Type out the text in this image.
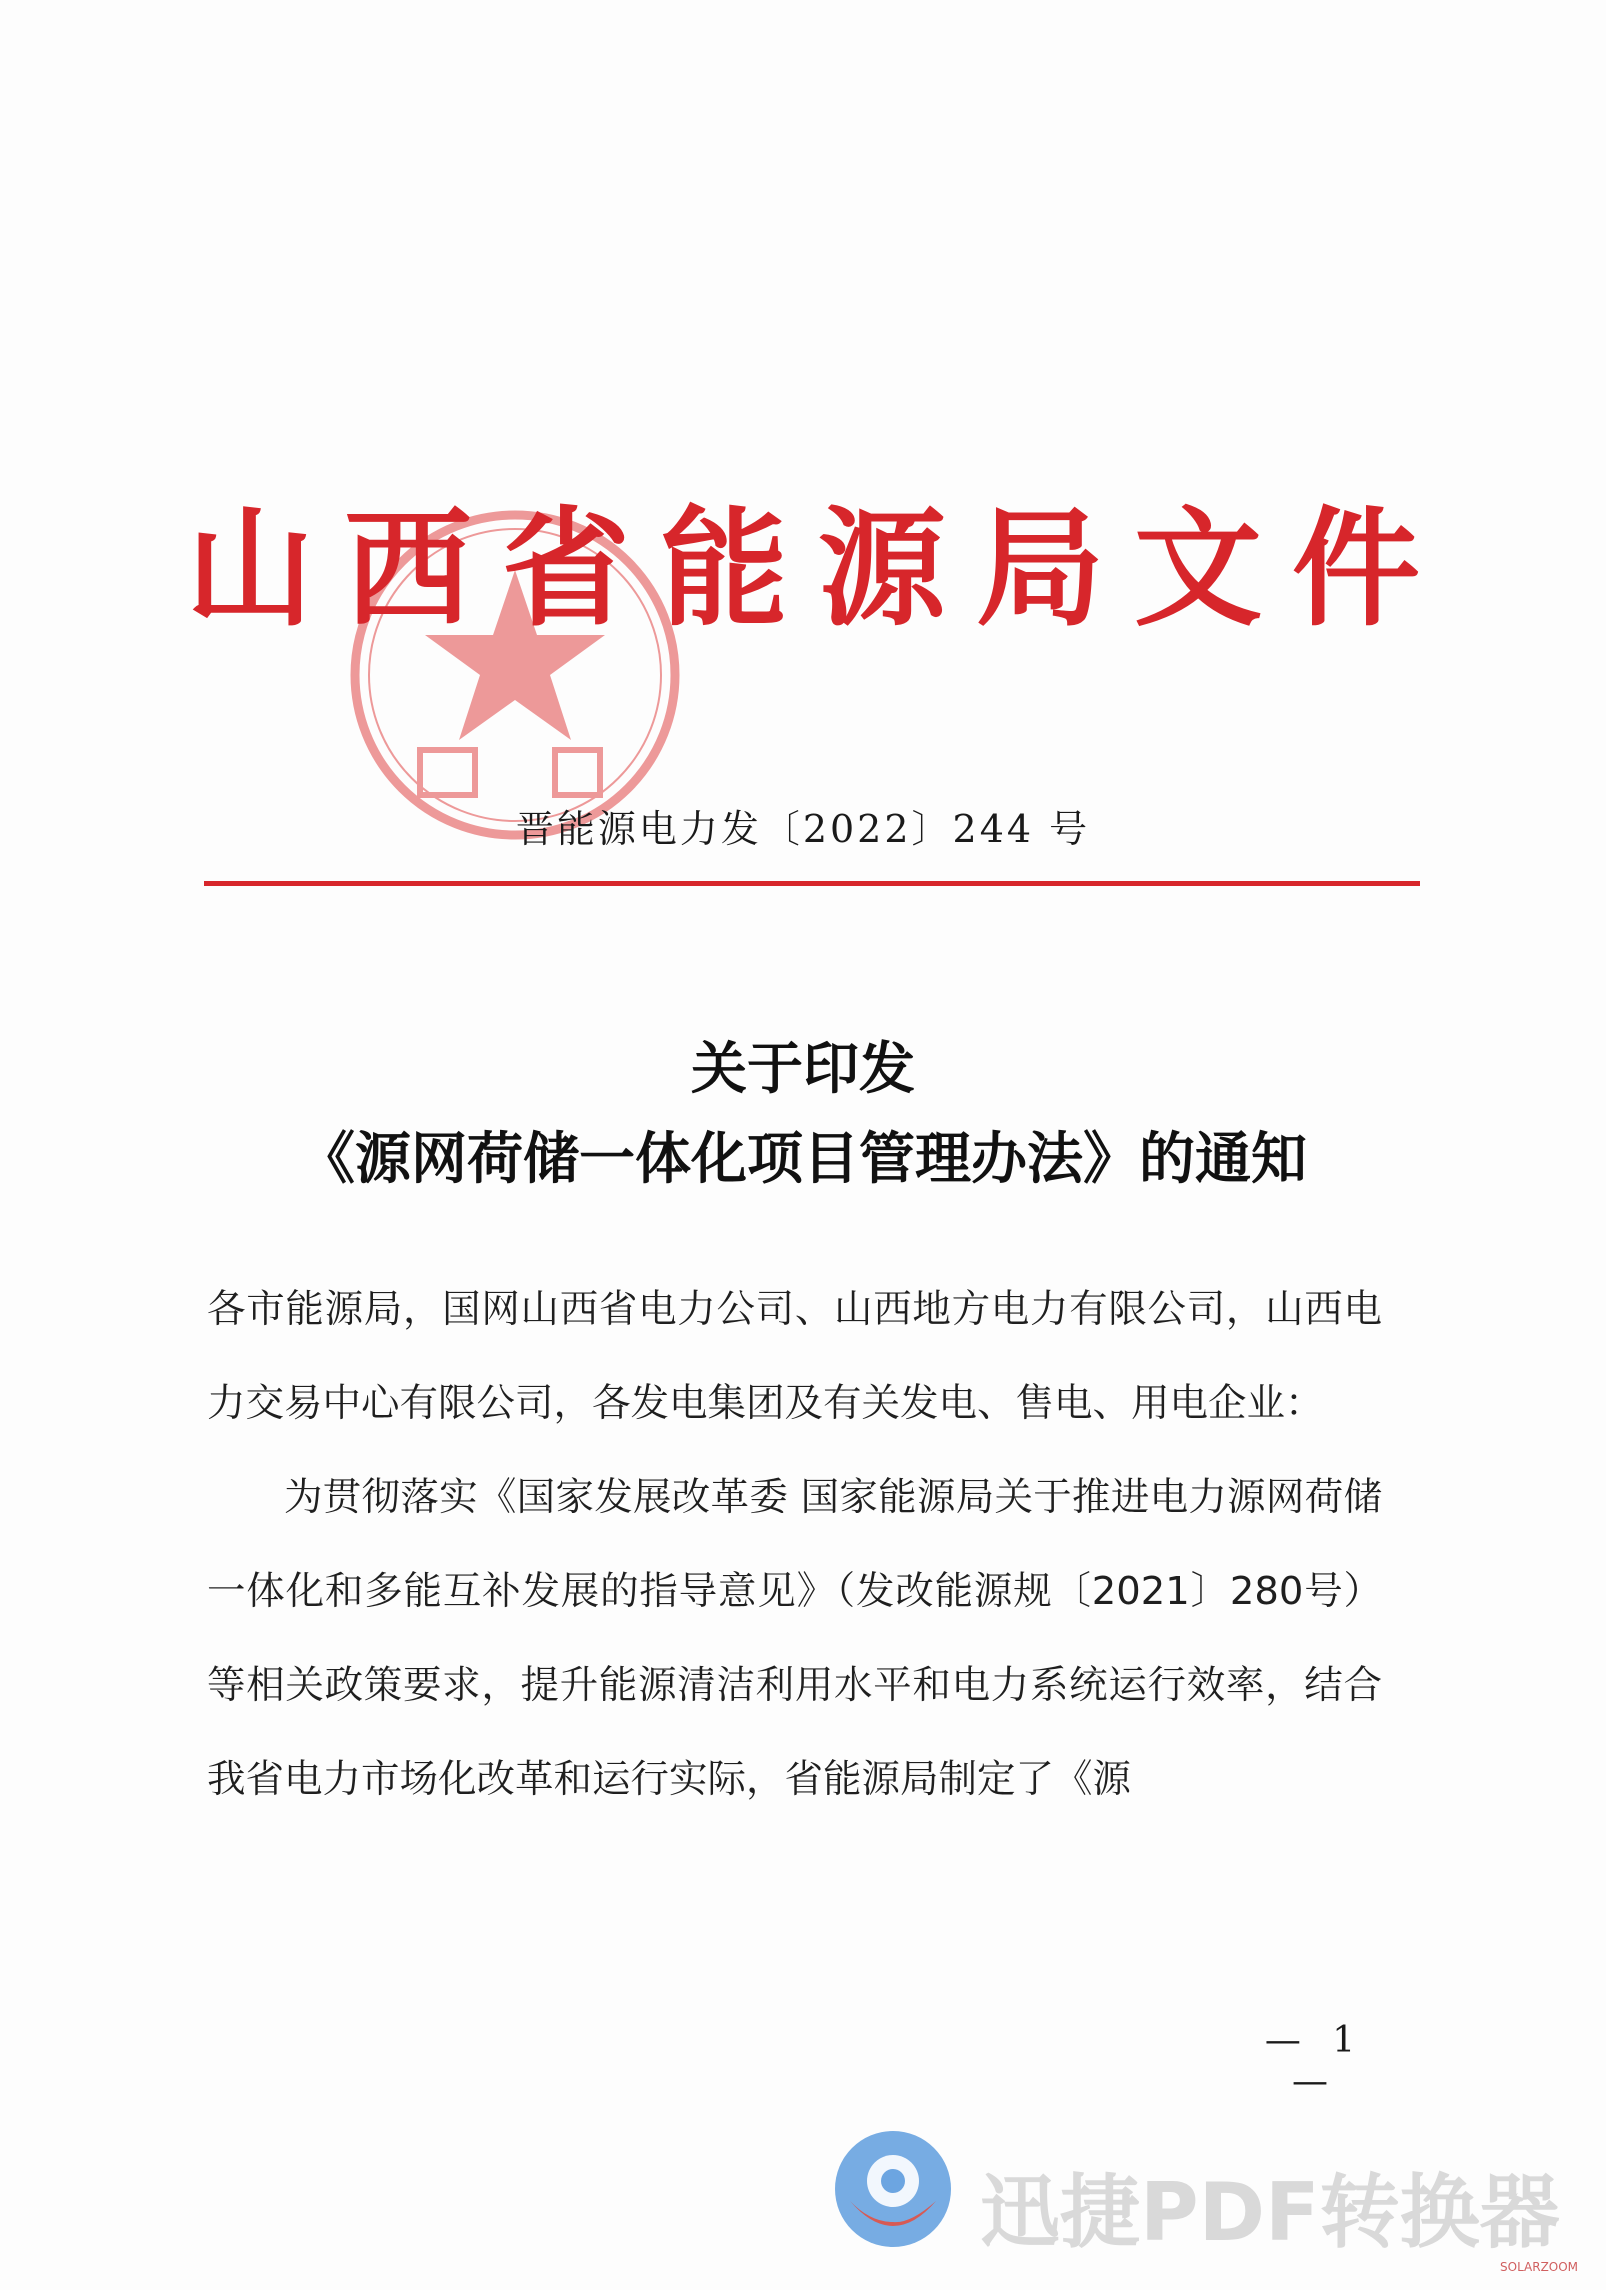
山西省能源局文件
晋能源电力发〔2022〕244 号
关于印发
《源网荷储一体化项目管理办法》的通知

各市能源局，国网山西省电力公司、山西地方电力有限公司，山西电力交易中心有限公司，各发电集团及有关发电、售电、用电企业：

为贯彻落实《国家发展改革委 国家能源局关于推进电力源网荷储一体化和多能互补发展的指导意见》（发改能源规〔2021〕280号）等相关政策要求，提升能源清洁利用水平和电力系统运行效率，结合我省电力市场化改革和运行实际，省能源局制定了《源

— 1 —
迅捷PDF转换器
SOLARZOOM
